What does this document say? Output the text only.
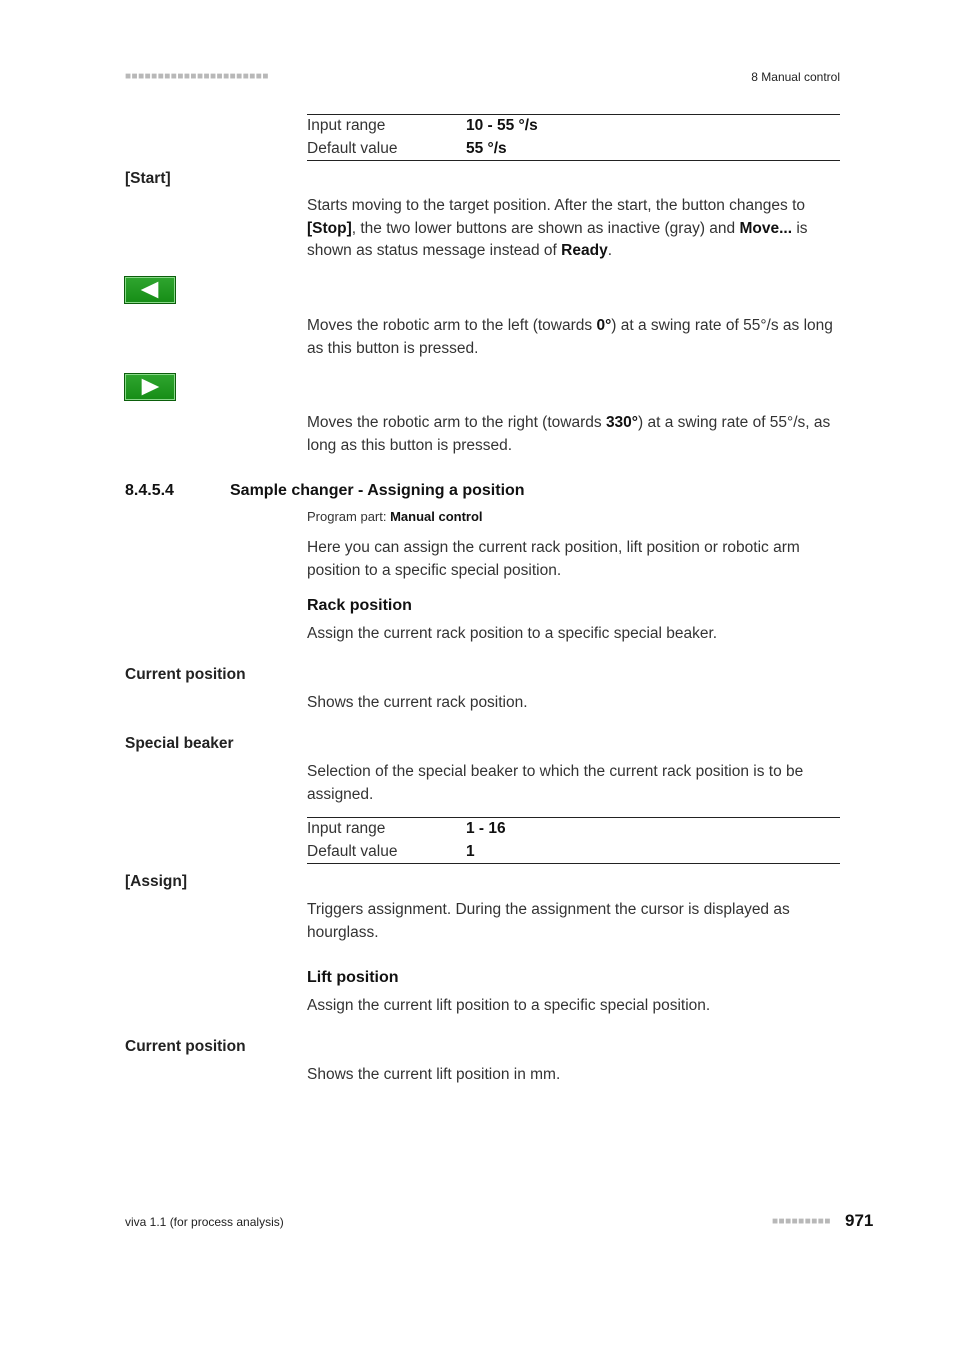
■■■■■■■■■■■■■■■■■■■■■■	8 Manual control
Input range	10 - 55 °/s
Default value	55 °/s
[Start]
Starts moving to the target position. After the start, the button changes to [Stop], the two lower buttons are shown as inactive (gray) and Move... is shown as status message instead of Ready.
Moves the robotic arm to the left (towards 0°) at a swing rate of 55°/s as long as this button is pressed.
Moves the robotic arm to the right (towards 330°) at a swing rate of 55°/s, as long as this button is pressed.
8.4.5.4	Sample changer - Assigning a position
Program part: Manual control
Here you can assign the current rack position, lift position or robotic arm position to a specific special position.
Rack position
Assign the current rack position to a specific special beaker.
Current position
Shows the current rack position.
Special beaker
Selection of the special beaker to which the current rack position is to be assigned.
Input range	1 - 16
Default value	1
[Assign]
Triggers assignment. During the assignment the cursor is displayed as hourglass.
Lift position
Assign the current lift position to a specific special position.
Current position
Shows the current lift position in mm.
viva 1.1 (for process analysis)	■■■■■■■■■ 971
